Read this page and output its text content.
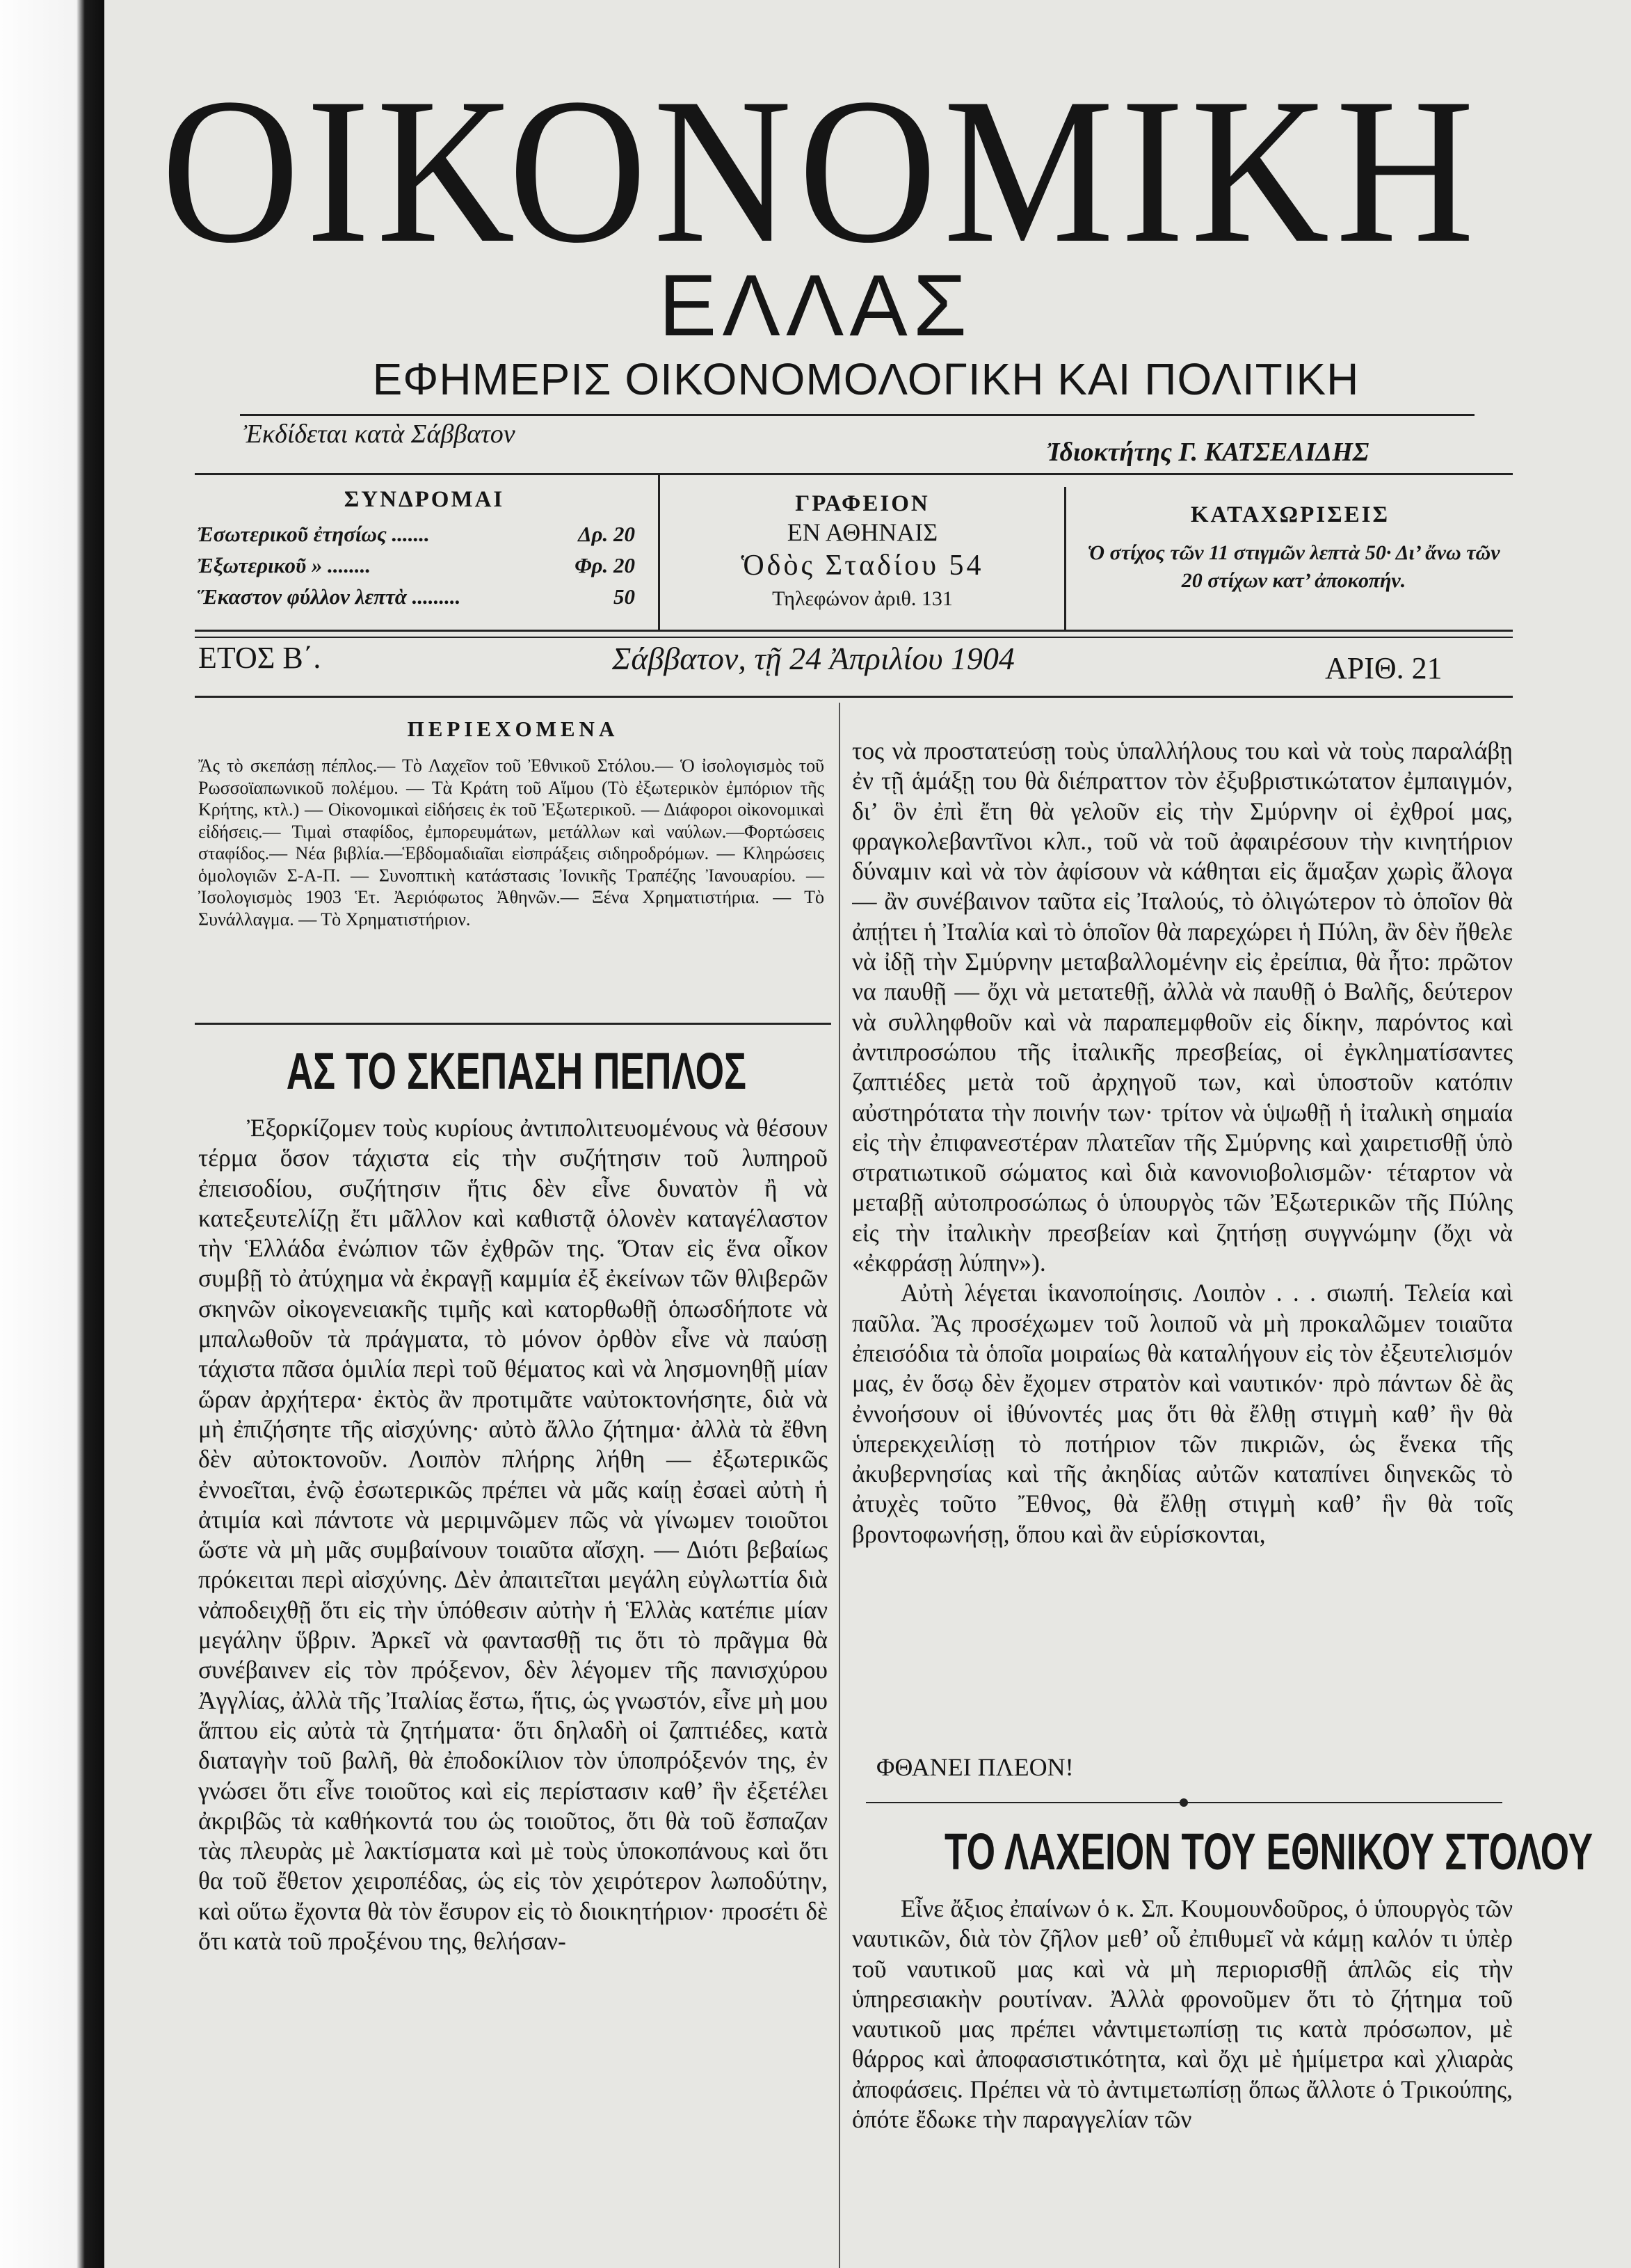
ΟΙΚΟΝΟΜΙΚΗ
ΕΛΛΑΣ
ΕΦΗΜΕΡΙΣ ΟΙΚΟΝΟΜΟΛΟΓΙΚΗ ΚΑΙ ΠΟΛΙΤΙΚΗ
Ἐκδίδεται κατὰ Σάββατον
Ἰδιοκτήτης Γ. ΚΑΤΣΕΛΙΔΗΣ
ΣΥΝΔΡΟΜΑΙ
Ἐσωτερικοῦ ἐτησίως .......	Δρ. 20
Ἐξωτερικοῦ » ........	Φρ. 20
Ἕκαστον φύλλον λεπτὰ .........	50
ΓΡΑΦΕΙΟΝ
ΕΝ ΑΘΗΝΑΙΣ
Ὁδὸς Σταδίου 54
Τηλεφώνον ἀριθ. 131
ΚΑΤΑΧΩΡΙΣΕΙΣ
Ὁ στίχος τῶν 11 στιγμῶν λεπτὰ 50· Δι’ ἄνω τῶν 20 στίχων κατ’ ἀποκοπήν.
ΕΤΟΣ Β΄.	Σάββατον, τῇ 24 Ἀπριλίου 1904	ΑΡΙΘ. 21
ΠΕΡΙΕΧΟΜΕΝΑ
Ἄς τὸ σκεπάσῃ πέπλος.— Τὸ Λαχεῖον τοῦ Ἐθνικοῦ Στόλου.— Ὁ ἰσολογισμὸς τοῦ Ρωσσοϊαπωνικοῦ πολέμου. — Τὰ Κράτη τοῦ Αἵμου (Τὸ ἐξωτερικὸν ἐμπόριον τῆς Κρήτης, κτλ.) — Οἰκονομικαὶ εἰδήσεις ἐκ τοῦ Ἐξωτερικοῦ. — Διάφοροι οἰκονομικαὶ εἰδήσεις.— Τιμαὶ σταφίδος, ἐμπορευμάτων, μετάλλων καὶ ναύλων.—Φορτώσεις σταφίδος.— Νέα βιβλία.—Ἑβδομαδιαῖαι εἰσπράξεις σιδηροδρόμων. — Κληρώσεις ὁμολογιῶν Σ-Α-Π. — Συνοπτικὴ κατάστασις Ἰονικῆς Τραπέζης Ἰανουαρίου. — Ἰσολογισμὸς 1903 Ἑτ. Ἀεριόφωτος Ἀθηνῶν.— Ξένα Χρηματιστήρια. — Τὸ Συνάλλαγμα. — Τὸ Χρηματιστήριον.
ΑΣ ΤΟ ΣΚΕΠΑΣΗ ΠΕΠΛΟΣ

Ἐξορκίζομεν τοὺς κυρίους ἀντιπολιτευομένους νὰ θέσουν τέρμα ὅσον τάχιστα εἰς τὴν συζήτησιν τοῦ λυπηροῦ ἐπεισοδίου, συζήτησιν ἥτις δὲν εἶνε δυνατὸν ἢ νὰ κατεξευτελίζῃ ἔτι μᾶλλον καὶ καθιστᾷ ὁλονὲν καταγέλαστον τὴν Ἑλλάδα ἐνώπιον τῶν ἐχθρῶν της. Ὅταν εἰς ἕνα οἶκον συμβῇ τὸ ἀτύχημα νὰ ἐκραγῇ καμμία ἐξ ἐκείνων τῶν θλιβερῶν σκηνῶν οἰκογενειακῆς τιμῆς καὶ κατορθωθῇ ὁπωσδήποτε νὰ μπαλωθοῦν τὰ πράγματα, τὸ μόνον ὀρθὸν εἶνε νὰ παύσῃ τάχιστα πᾶσα ὁμιλία περὶ τοῦ θέματος καὶ νὰ λησμονηθῇ μίαν ὥραν ἀρχήτερα· ἐκτὸς ἂν προτιμᾶτε ναὐτοκτονήσητε, διὰ νὰ μὴ ἐπιζήσητε τῆς αἰσχύνης· αὐτὸ ἄλλο ζήτημα· ἀλλὰ τὰ ἔθνη δὲν αὐτοκτονοῦν. Λοιπὸν πλήρης λήθη — ἐξωτερικῶς ἐννοεῖται, ἐνῷ ἐσωτερικῶς πρέπει νὰ μᾶς καίῃ ἐσαεὶ αὐτὴ ἡ ἀτιμία καὶ πάντοτε νὰ μεριμνῶμεν πῶς νὰ γίνωμεν τοιοῦτοι ὥστε νὰ μὴ μᾶς συμβαίνουν τοιαῦτα αἴσχη. — Διότι βεβαίως πρόκειται περὶ αἰσχύνης. Δὲν ἀπαιτεῖται μεγάλη εὐγλωττία διὰ νἀποδειχθῇ ὅτι εἰς τὴν ὑπόθεσιν αὐτὴν ἡ Ἑλλὰς κατέπιε μίαν μεγάλην ὕβριν. Ἀρκεῖ νὰ φαντασθῇ τις ὅτι τὸ πρᾶγμα θὰ συνέβαινεν εἰς τὸν πρόξενον, δὲν λέγομεν τῆς πανισχύρου Ἀγγλίας, ἀλλὰ τῆς Ἰταλίας ἔστω, ἥτις, ὡς γνωστόν, εἶνε μὴ μου ἅπτου εἰς αὐτὰ τὰ ζητήματα· ὅτι δηλαδὴ οἱ ζαπτιέδες, κατὰ διαταγὴν τοῦ βαλῆ, θὰ ἐποδοκίλιον τὸν ὑποπρόξενόν της, ἐν γνώσει ὅτι εἶνε τοιοῦτος καὶ εἰς περίστασιν καθ’ ἣν ἐξετέλει ἀκριβῶς τὰ καθήκοντά του ὡς τοιοῦτος, ὅτι θὰ τοῦ ἔσπαζαν τὰς πλευρὰς μὲ λακτίσματα καὶ μὲ τοὺς ὑποκοπάνους καὶ ὅτι θα τοῦ ἔθετον χειροπέδας, ὡς εἰς τὸν χειρότερον λωποδύτην, καὶ οὕτω ἔχοντα θὰ τὸν ἔσυρον εἰς τὸ διοικητήριον· προσέτι δὲ ὅτι κατὰ τοῦ προξένου της, θελήσαν-

τος νὰ προστατεύσῃ τοὺς ὑπαλλήλους του καὶ νὰ τοὺς παραλάβῃ ἐν τῇ ἁμάξῃ του θὰ διέπραττον τὸν ἐξυβριστικώτατον ἐμπαιγμόν, δι’ ὃν ἐπὶ ἔτη θὰ γελοῦν εἰς τὴν Σμύρνην οἱ ἐχθροί μας, φραγκολεβαντῖνοι κλπ., τοῦ νὰ τοῦ ἀφαιρέσουν τὴν κινητήριον δύναμιν καὶ νὰ τὸν ἀφίσουν νὰ κάθηται εἰς ἅμαξαν χωρὶς ἄλογα — ἂν συνέβαινον ταῦτα εἰς Ἰταλούς, τὸ ὀλιγώτερον τὸ ὁποῖον θὰ ἀπῄτει ἡ Ἰταλία καὶ τὸ ὁποῖον θὰ παρεχώρει ἡ Πύλη, ἂν δὲν ἤθελε νὰ ἰδῇ τὴν Σμύρνην μεταβαλλομένην εἰς ἐρείπια, θὰ ἦτο: πρῶτον να παυθῇ — ὄχι νὰ μετατεθῇ, ἀλλὰ νὰ παυθῇ ὁ Βαλῆς, δεύτερον νὰ συλληφθοῦν καὶ νὰ παραπεμφθοῦν εἰς δίκην, παρόντος καὶ ἀντιπροσώπου τῆς ἰταλικῆς πρεσβείας, οἱ ἐγκληματίσαντες ζαπτιέδες μετὰ τοῦ ἀρχηγοῦ των, καὶ ὑποστοῦν κατόπιν αὐστηρότατα τὴν ποινήν των· τρίτον νὰ ὑψωθῇ ἡ ἰταλικὴ σημαία εἰς τὴν ἐπιφανεστέραν πλατεῖαν τῆς Σμύρνης καὶ χαιρετισθῇ ὑπὸ στρατιωτικοῦ σώματος καὶ διὰ κανονιοβολισμῶν· τέταρτον νὰ μεταβῇ αὐτοπροσώπως ὁ ὑπουργὸς τῶν Ἐξωτερικῶν τῆς Πύλης εἰς τὴν ἰταλικὴν πρεσβείαν καὶ ζητήσῃ συγγνώμην (ὄχι νὰ «ἐκφράσῃ λύπην»).

Αὐτὴ λέγεται ἱκανοποίησις. Λοιπὸν . . . σιωπή. Τελεία καὶ παῦλα. Ἂς προσέχωμεν τοῦ λοιποῦ νὰ μὴ προκαλῶμεν τοιαῦτα ἐπεισόδια τὰ ὁποῖα μοιραίως θὰ καταλήγουν εἰς τὸν ἐξευτελισμόν μας, ἐν ὅσῳ δὲν ἔχομεν στρατὸν καὶ ναυτικόν· πρὸ πάντων δὲ ἂς ἐννοήσουν οἱ ἰθύνοντές μας ὅτι θὰ ἔλθῃ στιγμὴ καθ’ ἣν θὰ ὑπερεκχειλίσῃ τὸ ποτήριον τῶν πικριῶν, ὡς ἕνεκα τῆς ἀκυβερνησίας καὶ τῆς ἀκηδίας αὐτῶν καταπίνει διηνεκῶς τὸ ἀτυχὲς τοῦτο Ἔθνος, θὰ ἔλθῃ στιγμὴ καθ’ ἣν θὰ τοῖς βροντοφωνήσῃ, ὅπου καὶ ἂν εὑρίσκονται,

ΦΘΑΝΕΙ ΠΛΕΟΝ!
ΤΟ ΛΑΧΕΙΟΝ ΤΟΥ ΕΘΝΙΚΟΥ ΣΤΟΛΟΥ

Εἶνε ἄξιος ἐπαίνων ὁ κ. Σπ. Κουμουνδοῦρος, ὁ ὑπουργὸς τῶν ναυτικῶν, διὰ τὸν ζῆλον μεθ’ οὗ ἐπιθυμεῖ νὰ κάμῃ καλόν τι ὑπὲρ τοῦ ναυτικοῦ μας καὶ νὰ μὴ περιορισθῇ ἁπλῶς εἰς τὴν ὑπηρεσιακὴν ρουτίναν. Ἀλλὰ φρονοῦμεν ὅτι τὸ ζήτημα τοῦ ναυτικοῦ μας πρέπει νἀντιμετωπίσῃ τις κατὰ πρόσωπον, μὲ θάρρος καὶ ἀποφασιστικότητα, καὶ ὄχι μὲ ἡμίμετρα καὶ χλιαρὰς ἀποφάσεις. Πρέπει νὰ τὸ ἀντιμετωπίσῃ ὅπως ἄλλοτε ὁ Τρικούπης, ὁπότε ἔδωκε τὴν παραγγελίαν τῶν
